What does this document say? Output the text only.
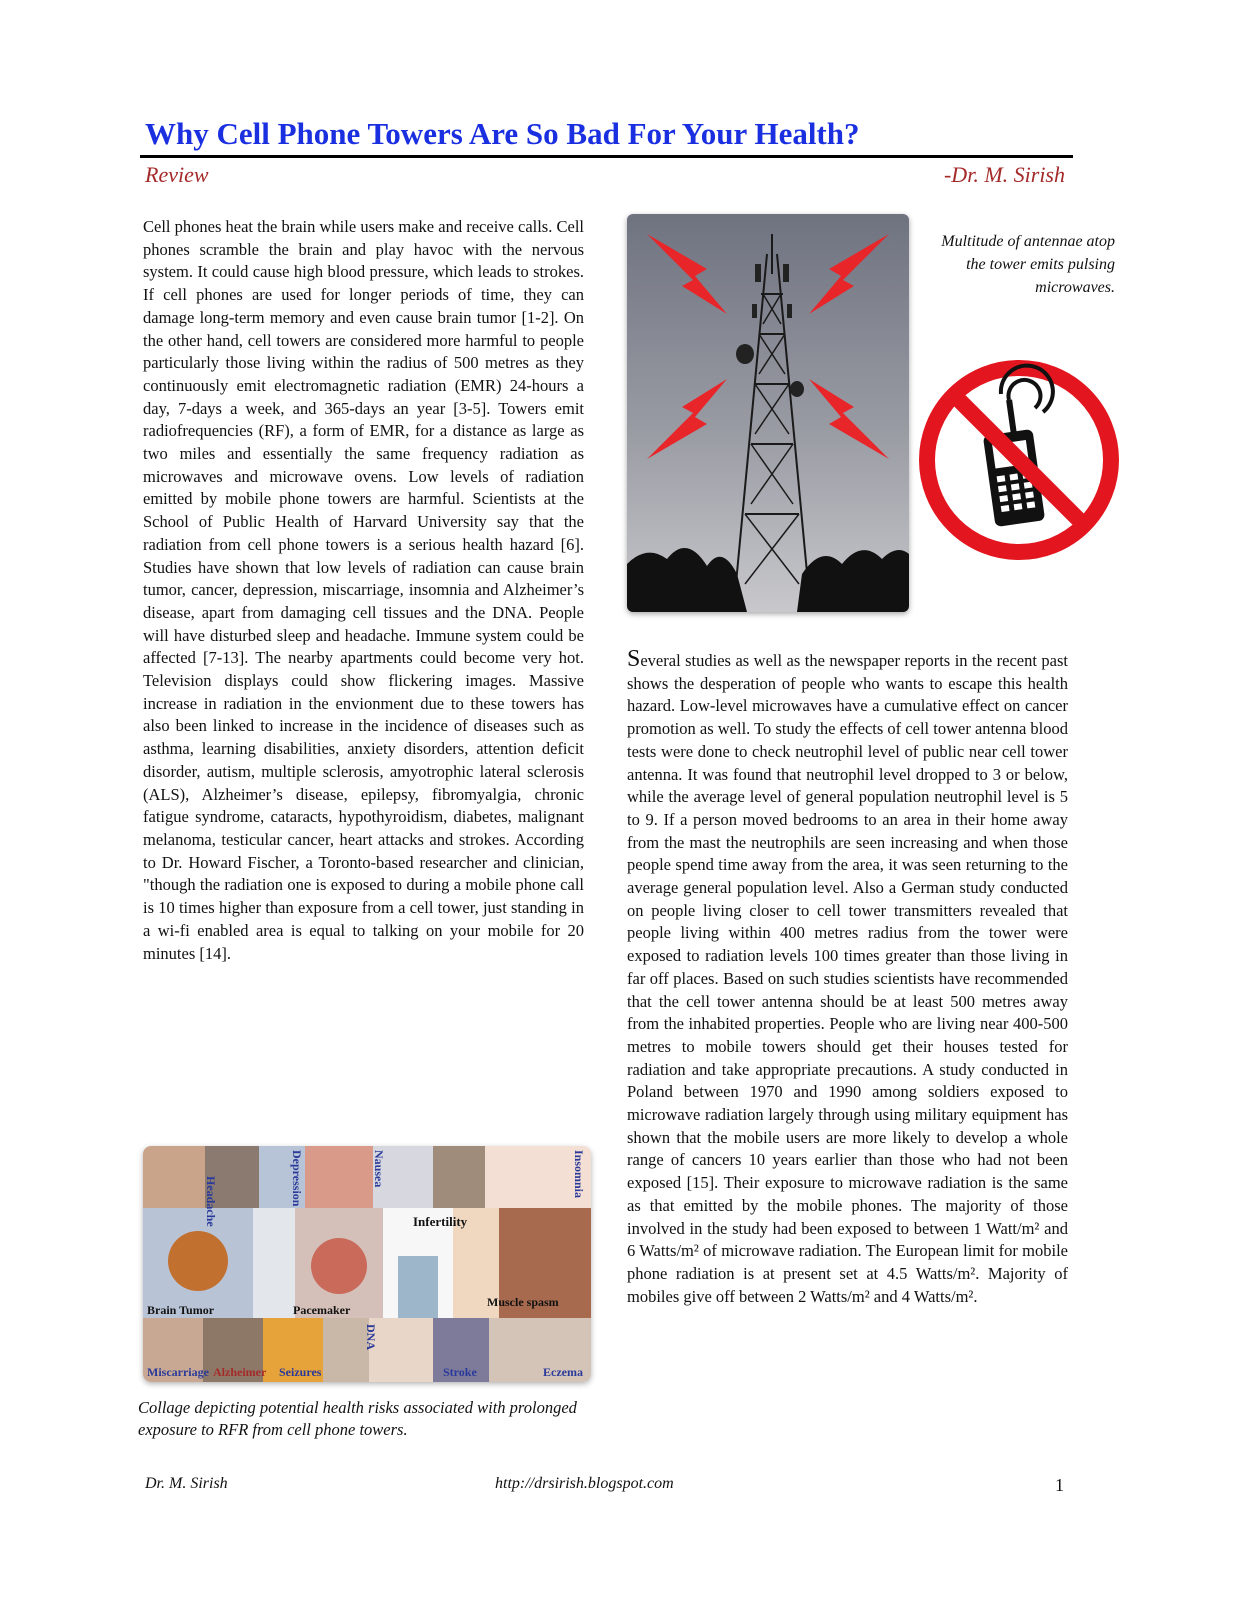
Why Cell Phone Towers Are So Bad For Your Health?
Review	-Dr. M. Sirish
Cell phones heat the brain while users make and receive calls. Cell phones scramble the brain and play havoc with the nervous system. It could cause high blood pressure, which leads to strokes. If cell phones are used for longer periods of time, they can damage long-term memory and even cause brain tumor [1-2]. On the other hand, cell towers are considered more harmful to people particularly those living within the radius of 500 metres as they continuously emit electromagnetic radiation (EMR) 24-hours a day, 7-days a week, and 365-days an year [3-5]. Towers emit radiofrequencies (RF), a form of EMR, for a distance as large as two miles and essentially the same frequency radiation as microwaves and microwave ovens. Low levels of radiation emitted by mobile phone towers are harmful. Scientists at the School of Public Health of Harvard University say that the radiation from cell phone towers is a serious health hazard [6]. Studies have shown that low levels of radiation can cause brain tumor, cancer, depression, miscarriage, insomnia and Alzheimer’s disease, apart from damaging cell tissues and the DNA. People will have disturbed sleep and headache. Immune system could be affected [7-13]. The nearby apartments could become very hot. Television displays could show flickering images. Massive increase in radiation in the envionment due to these towers has also been linked to increase in the incidence of diseases such as asthma, learning disabilities, anxiety disorders, attention deficit disorder, autism, multiple sclerosis, amyotrophic lateral sclerosis (ALS), Alzheimer’s disease, epilepsy, fibromyalgia, chronic fatigue syndrome, cataracts, hypothyroidism, diabetes, malignant melanoma, testicular cancer, heart attacks and strokes. According to Dr. Howard Fischer, a Toronto-based researcher and clinician, "though the radiation one is exposed to during a mobile phone call is 10 times higher than exposure from a cell tower, just standing in a wi-fi enabled area is equal to talking on your mobile for 20 minutes [14].
Multitude of antennae atop the tower emits pulsing microwaves.
Several studies as well as the newspaper reports in the recent past shows the desperation of people who wants to escape this health hazard. Low-level microwaves have a cumulative effect on cancer promotion as well. To study the effects of cell tower antenna blood tests were done to check neutrophil level of public near cell tower antenna. It was found that neutrophil level dropped to 3 or below, while the average level of general population neutrophil level is 5 to 9. If a person moved bedrooms to an area in their home away from the mast the neutrophils are seen increasing and when those people spend time away from the area, it was seen returning to the average general population level. Also a German study conducted on people living closer to cell tower transmitters revealed that people living within 400 metres radius from the tower were exposed to radiation levels 100 times greater than those living in far off places. Based on such studies scientists have recommended that the cell tower antenna should be at least 500 metres away from the inhabited properties. People who are living near 400-500 metres to mobile towers should get their houses tested for radiation and take appropriate precautions. A study conducted in Poland between 1970 and 1990 among soldiers exposed to microwave radiation largely through using military equipment has shown that the mobile users are more likely to develop a whole range of cancers 10 years earlier than those who had not been exposed [15]. Their exposure to microwave radiation is the same as that emitted by the mobile phones. The majority of those involved in the study had been exposed to between 1 Watt/m² and 6 Watts/m² of microwave radiation. The European limit for mobile phone radiation is at present set at 4.5 Watts/m². Majority of mobiles give off between 2 Watts/m² and 4 Watts/m².
Headache	Depression	Nausea
Infertility
Insomnia
Brain Tumor	Pacemaker
Muscle spasm
Miscarriage	Seizures
DNA
Stroke
Alzheimer	Eczema
Collage depicting potential health risks associated with prolonged exposure to RFR from cell phone towers.
Dr. M. Sirish	http://drsirish.blogspot.com	1
